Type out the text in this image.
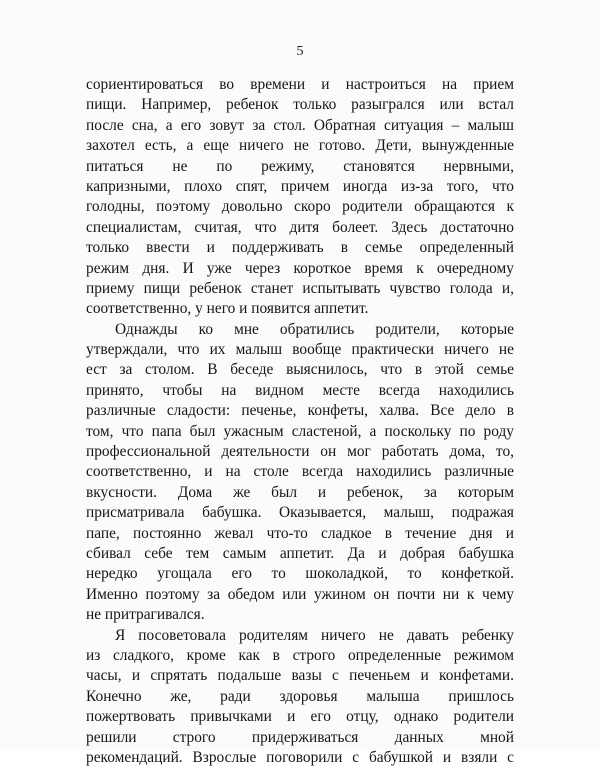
5

сориентироваться во времени и настроиться на прием
пищи. Например, ребенок только разыгрался или встал
после сна, а его зовут за стол. Обратная ситуация – малыш
захотел есть, а еще ничего не готово. Дети, вынужденные
питаться не по режиму, становятся нервными,
капризными, плохо спят, причем иногда из-за того, что
голодны, поэтому довольно скоро родители обращаются к
специалистам, считая, что дитя болеет. Здесь достаточно
только ввести и поддерживать в семье определенный
режим дня. И уже через короткое время к очередному
приему пищи ребенок станет испытывать чувство голода и,
соответственно, у него и появится аппетит.

Однажды ко мне обратились родители, которые
утверждали, что их малыш вообще практически ничего не
ест за столом. В беседе выяснилось, что в этой семье
принято, чтобы на видном месте всегда находились
различные сладости: печенье, конфеты, халва. Все дело в
том, что папа был ужасным сластеной, а поскольку по роду
профессиональной деятельности он мог работать дома, то,
соответственно, и на столе всегда находились различные
вкусности. Дома же был и ребенок, за которым
присматривала бабушка. Оказывается, малыш, подражая
папе, постоянно жевал что-то сладкое в течение дня и
сбивал себе тем самым аппетит. Да и добрая бабушка
нередко угощала его то шоколадкой, то конфеткой.
Именно поэтому за обедом или ужином он почти ни к чему
не притрагивался.

Я посоветовала родителям ничего не давать ребенку
из сладкого, кроме как в строго определенные режимом
часы, и спрятать подальше вазы с печеньем и конфетами.
Конечно же, ради здоровья малыша пришлось
пожертвовать привычками и его отцу, однако родители
решили строго придерживаться данных мной
рекомендаций. Взрослые поговорили с бабушкой и взяли с
